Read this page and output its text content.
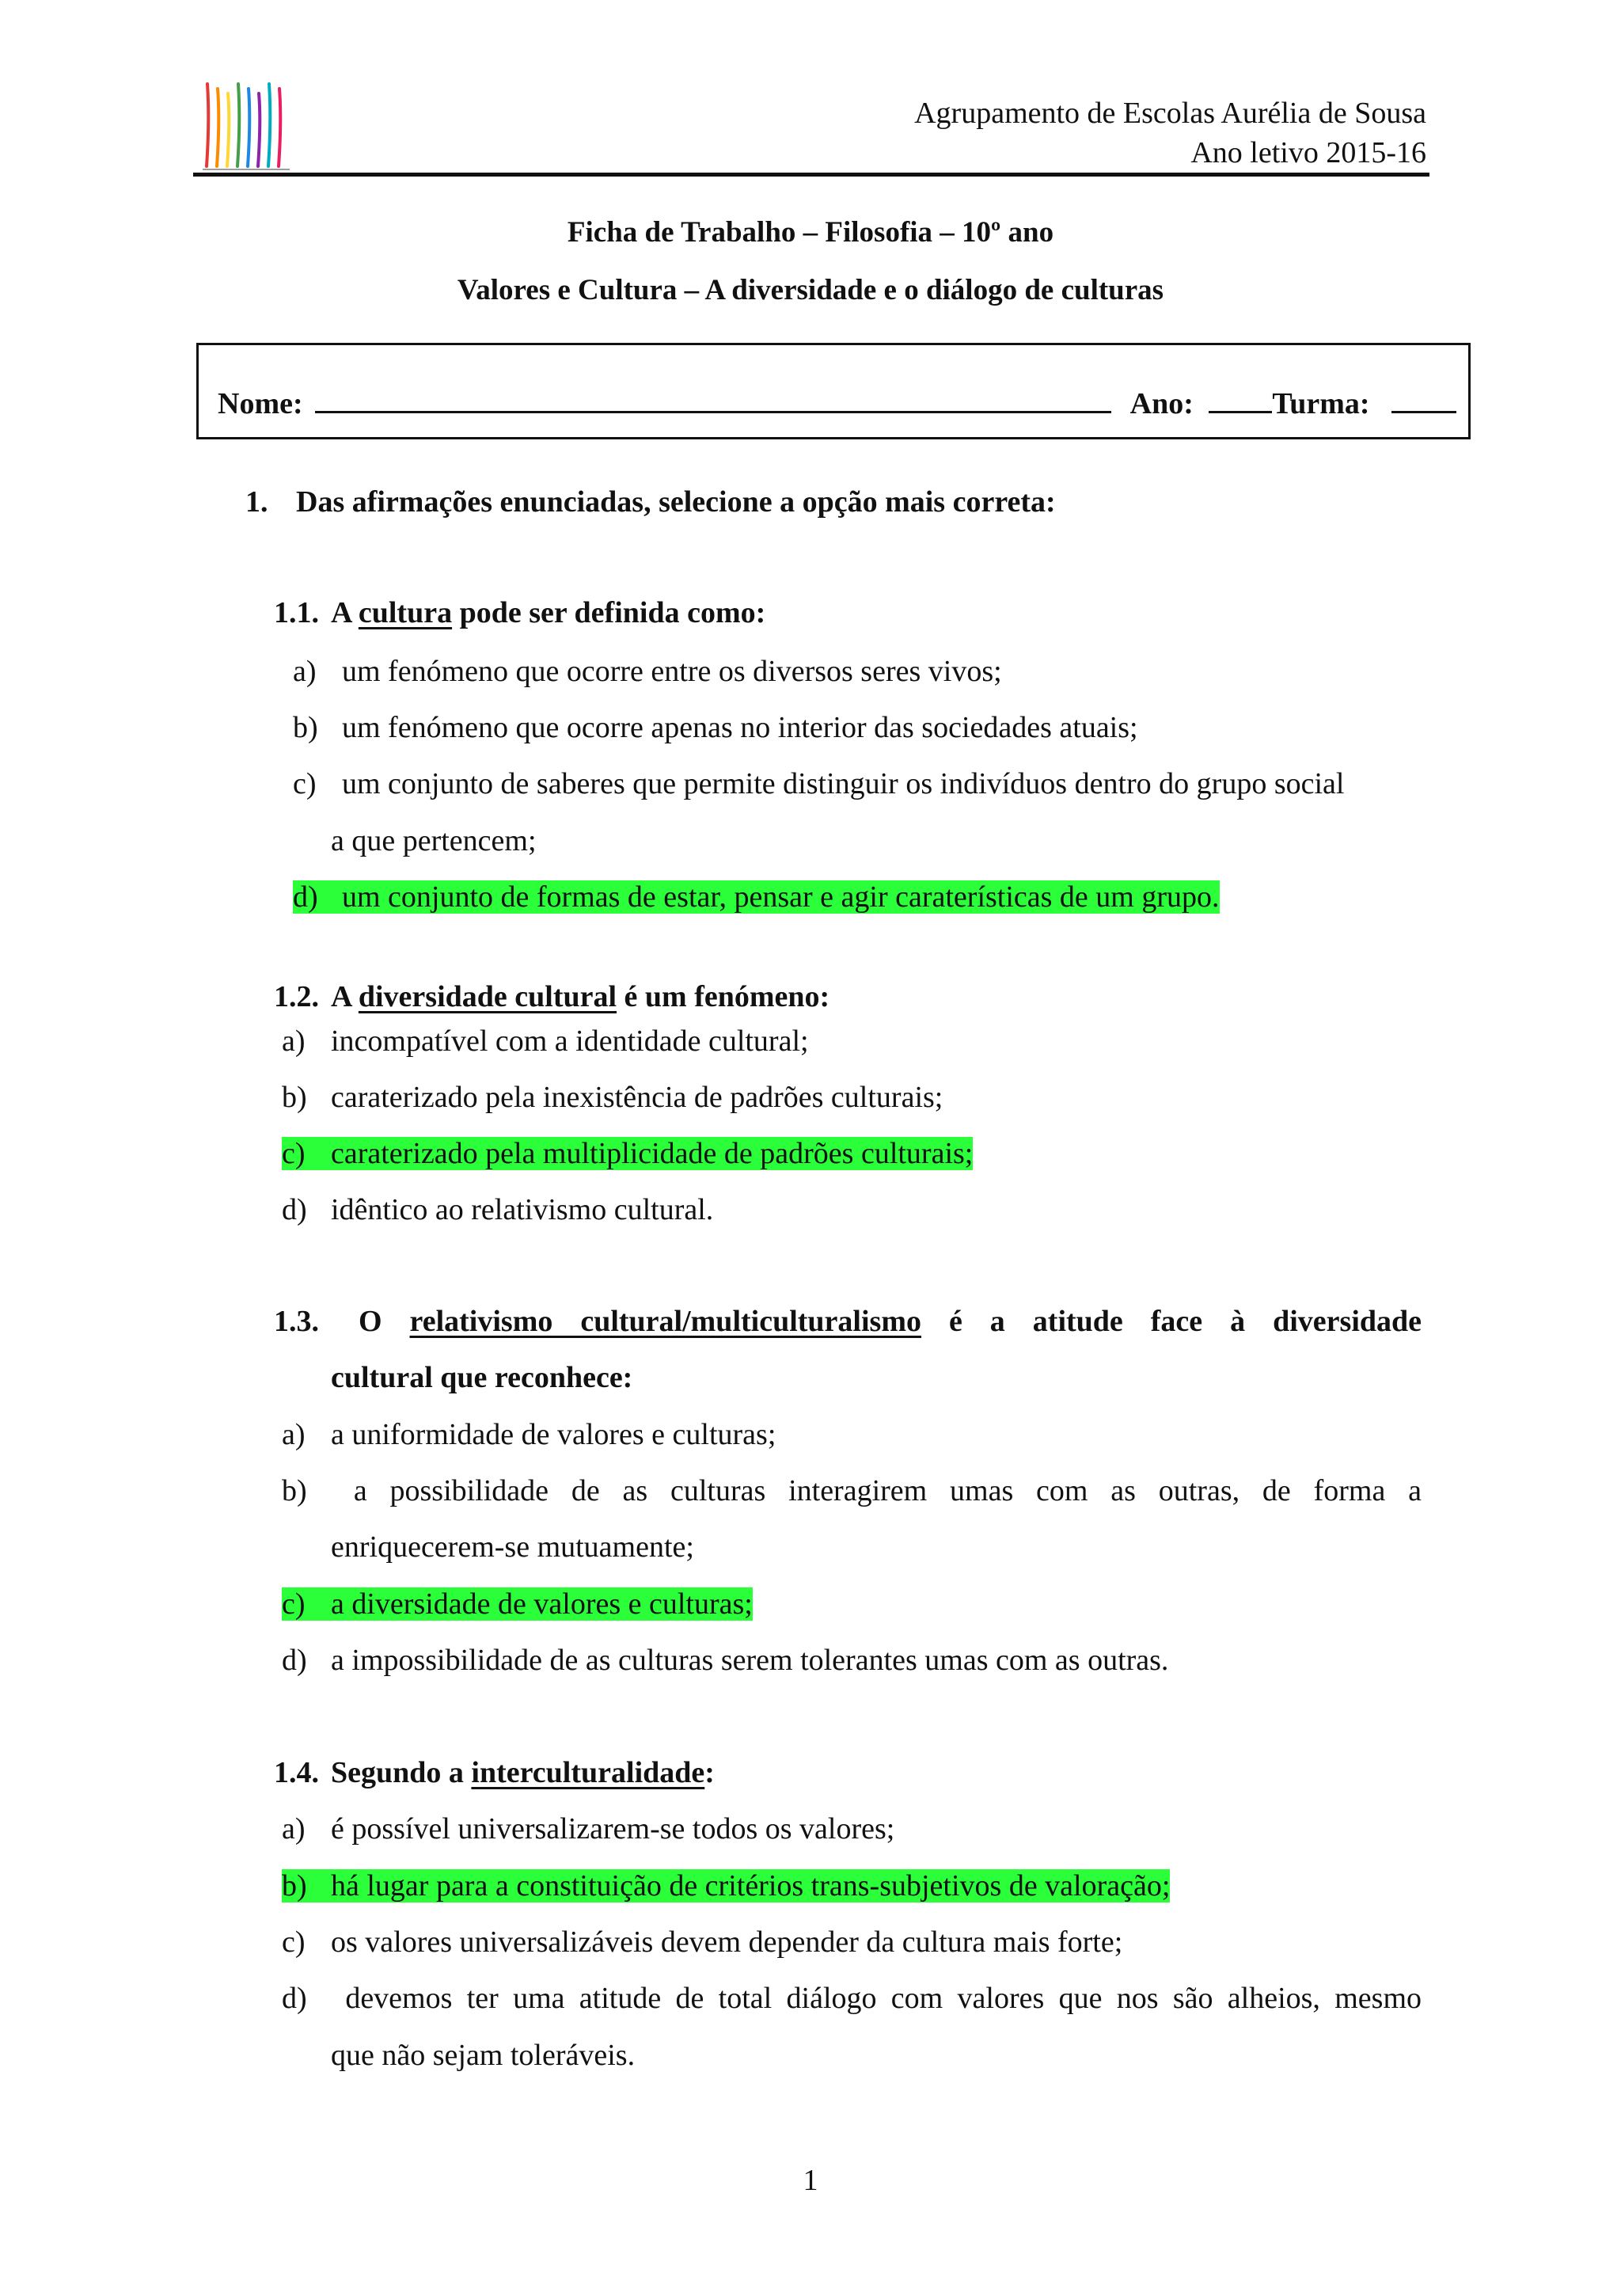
Agrupamento de Escolas Aurélia de Sousa
Ano letivo 2015-16
Ficha de Trabalho – Filosofia – 10º ano
Valores e Cultura – A diversidade e o diálogo de culturas
Nome:	Ano:	Turma:
1. Das afirmações enunciadas, selecione a opção mais correta:
1.1. A cultura pode ser definida como:
a) um fenómeno que ocorre entre os diversos seres vivos;
b) um fenómeno que ocorre apenas no interior das sociedades atuais;
c) um conjunto de saberes que permite distinguir os indivíduos dentro do grupo social
a que pertencem;
d) um conjunto de formas de estar, pensar e agir caraterísticas de um grupo.
1.2. A diversidade cultural é um fenómeno:
a) incompatível com a identidade cultural;
b) caraterizado pela inexistência de padrões culturais;
c) caraterizado pela multiplicidade de padrões culturais;
d) idêntico ao relativismo cultural.
1.3. O relativismo cultural/multiculturalismo é a atitude face à diversidade
cultural que reconhece:
a) a uniformidade de valores e culturas;
b) a possibilidade de as culturas interagirem umas com as outras, de forma a
enriquecerem-se mutuamente;
c) a diversidade de valores e culturas;
d) a impossibilidade de as culturas serem tolerantes umas com as outras.
1.4. Segundo a interculturalidade:
a) é possível universalizarem-se todos os valores;
b) há lugar para a constituição de critérios trans-subjetivos de valoração;
c) os valores universalizáveis devem depender da cultura mais forte;
d) devemos ter uma atitude de total diálogo com valores que nos são alheios, mesmo
que não sejam toleráveis.
1
